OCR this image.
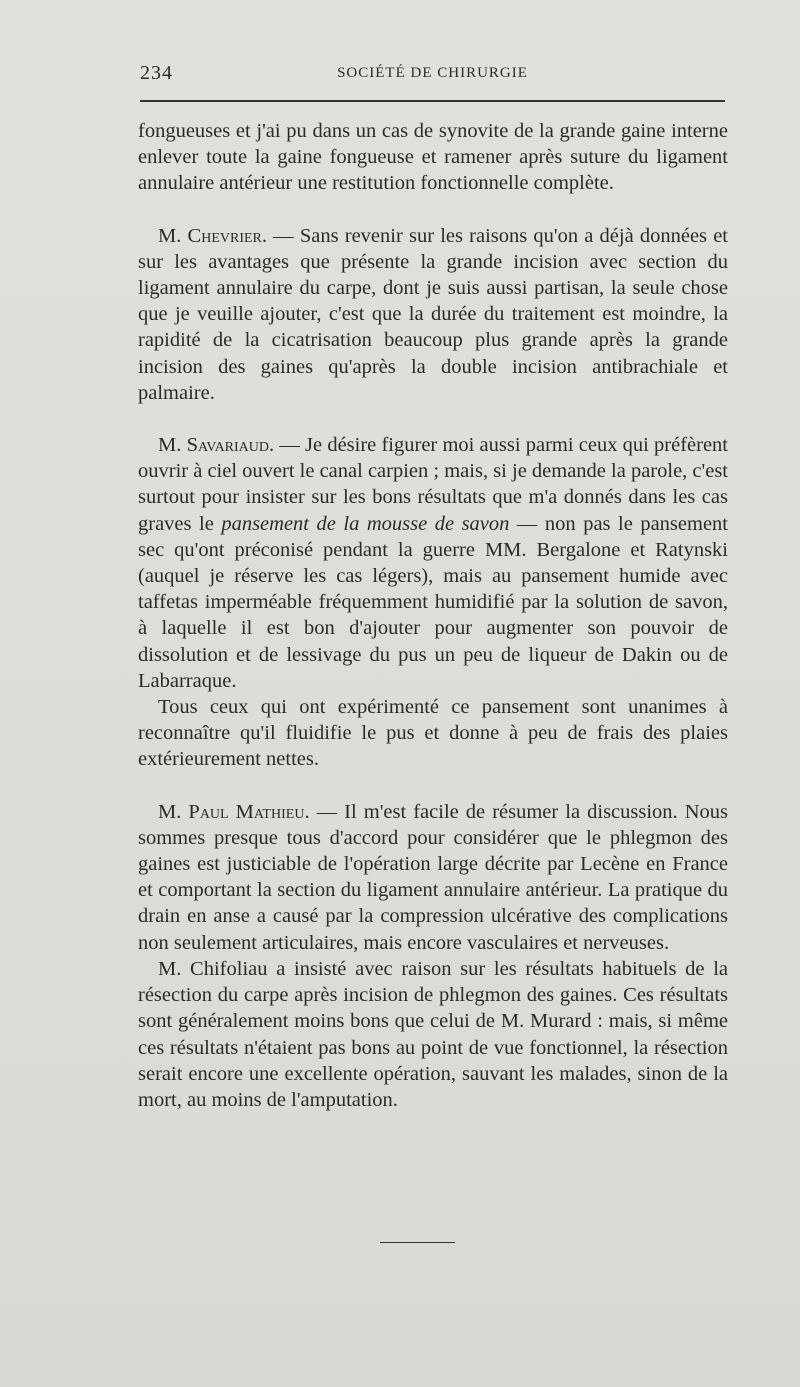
234	SOCIÉTÉ DE CHIRURGIE

fongueuses et j'ai pu dans un cas de synovite de la grande gaine interne enlever toute la gaine fongueuse et ramener après suture du ligament annulaire antérieur une restitution fonctionnelle complète.

M. Chevrier. — Sans revenir sur les raisons qu'on a déjà données et sur les avantages que présente la grande incision avec section du ligament annulaire du carpe, dont je suis aussi partisan, la seule chose que je veuille ajouter, c'est que la durée du traitement est moindre, la rapidité de la cicatrisation beaucoup plus grande après la grande incision des gaines qu'après la double incision antibrachiale et palmaire.

M. Savariaud. — Je désire figurer moi aussi parmi ceux qui préfèrent ouvrir à ciel ouvert le canal carpien ; mais, si je demande la parole, c'est surtout pour insister sur les bons résultats que m'a donnés dans les cas graves le pansement de la mousse de savon — non pas le pansement sec qu'ont préconisé pendant la guerre MM. Bergalone et Ratynski (auquel je réserve les cas légers), mais au pansement humide avec taffetas imperméable fréquemment humidifié par la solution de savon, à laquelle il est bon d'ajouter pour augmenter son pouvoir de dissolution et de lessivage du pus un peu de liqueur de Dakin ou de Labarraque.

Tous ceux qui ont expérimenté ce pansement sont unanimes à reconnaître qu'il fluidifie le pus et donne à peu de frais des plaies extérieurement nettes.

M. Paul Mathieu. — Il m'est facile de résumer la discussion. Nous sommes presque tous d'accord pour considérer que le phlegmon des gaines est justiciable de l'opération large décrite par Lecène en France et comportant la section du ligament annulaire antérieur. La pratique du drain en anse a causé par la compression ulcérative des complications non seulement articulaires, mais encore vasculaires et nerveuses.

M. Chifoliau a insisté avec raison sur les résultats habituels de la résection du carpe après incision de phlegmon des gaines. Ces résultats sont généralement moins bons que celui de M. Murard : mais, si même ces résultats n'étaient pas bons au point de vue fonctionnel, la résection serait encore une excellente opération, sauvant les malades, sinon de la mort, au moins de l'amputation.
